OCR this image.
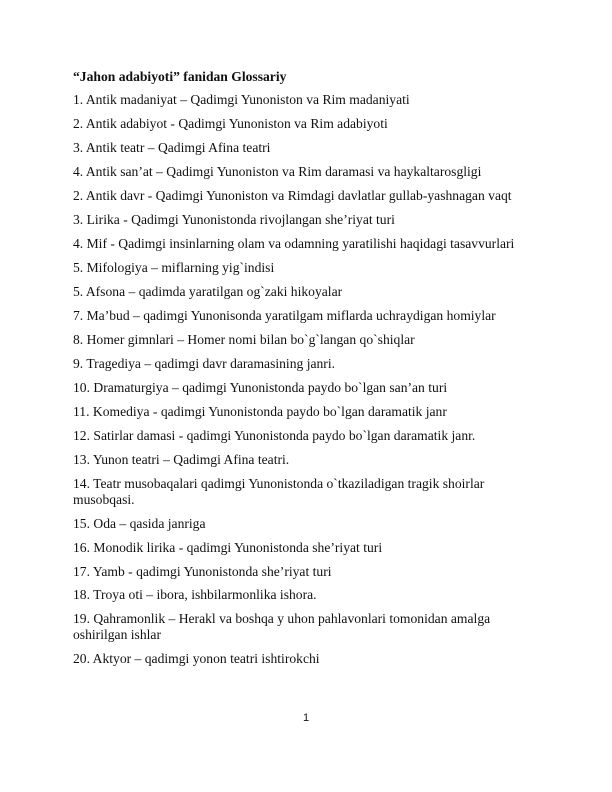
“Jahon adabiyoti” fanidan Glossariy
1. Antik madaniyat – Qadimgi Yunoniston va Rim madaniyati
2. Antik adabiyot - Qadimgi Yunoniston va Rim adabiyoti
3. Antik teatr – Qadimgi Afina teatri
4. Antik san’at – Qadimgi Yunoniston va Rim daramasi va haykaltarosgligi
2. Antik davr - Qadimgi Yunoniston va Rimdagi davlatlar gullab-yashnagan vaqt
3. Lirika - Qadimgi Yunonistonda rivojlangan she’riyat turi
4. Mif - Qadimgi insinlarning olam va odamning yaratilishi haqidagi tasavvurlari
5. Mifologiya – miflarning yig`indisi
5. Afsona – qadimda yaratilgan og`zaki hikoyalar
7. Ma’bud – qadimgi Yunonisonda yaratilgam miflarda uchraydigan homiylar
8. Homer gimnlari – Homer nomi bilan bo`g`langan qo`shiqlar
9. Tragediya – qadimgi davr daramasining janri.
10. Dramaturgiya – qadimgi Yunonistonda paydo bo`lgan san’an turi
11. Komediya - qadimgi Yunonistonda paydo bo`lgan daramatik janr
12. Satirlar damasi - qadimgi Yunonistonda paydo bo`lgan daramatik janr.
13. Yunon teatri – Qadimgi Afina teatri.
14. Teatr musobaqalari qadimgi Yunonistonda o`tkaziladigan tragik shoirlar musobqasi.
15. Oda – qasida janriga
16. Monodik lirika - qadimgi Yunonistonda she’riyat turi
17. Yamb - qadimgi Yunonistonda she’riyat turi
18. Troya oti – ibora, ishbilarmonlika ishora.
19. Qahramonlik – Herakl va boshqa y uhon pahlavonlari tomonidan amalga oshirilgan ishlar
20. Aktyor – qadimgi yonon teatri ishtirokchi
1
